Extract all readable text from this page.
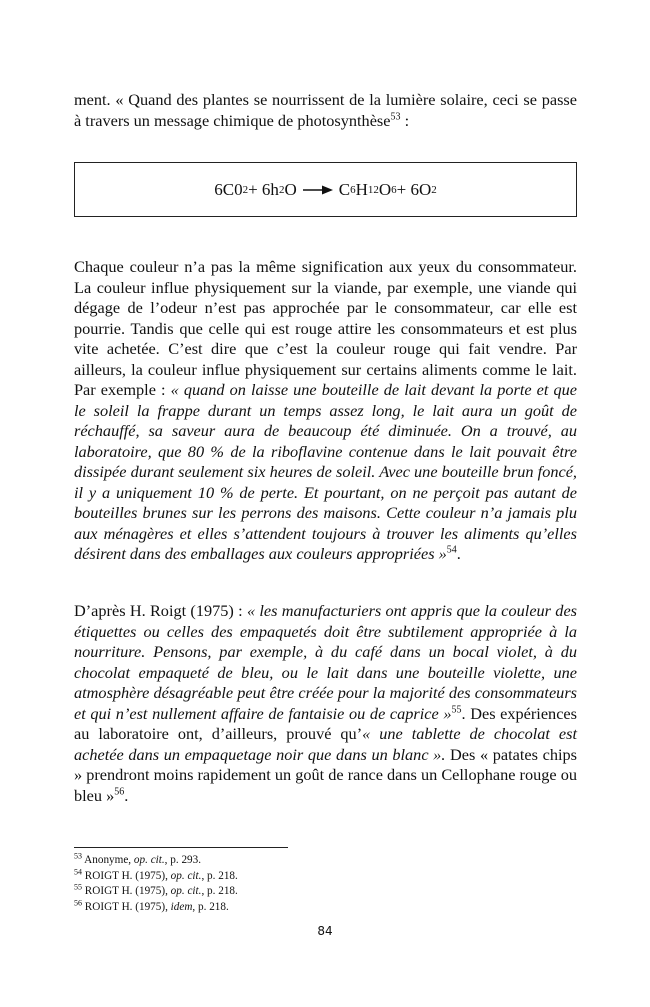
ment. « Quand des plantes se nourrissent de la lumière solaire, ceci se passe à travers un message chimique de photosynthèse$^{53}$ :

6C0 2 + 6h 2 O → C 6 H 12 O 6 + 6O 2

Chaque couleur n’a pas la même signification aux yeux du consommateur. La couleur influe physiquement sur la viande, par exemple, une viande qui dégage de l’odeur n’est pas approchée par le consommateur, car elle est pourrie. Tandis que celle qui est rouge attire les consommateurs et est plus vite achetée. C’est dire que c’est la couleur rouge qui fait vendre. Par ailleurs, la couleur influe physiquement sur certains aliments comme le lait. Par exemple : « quand on laisse une bouteille de lait devant la porte et que le soleil la frappe durant un temps assez long, le lait aura un goût de réchauffé, sa saveur aura de beaucoup été diminuée. On a trouvé, au laboratoire, que 80 % de la riboflavine contenue dans le lait pouvait être dissipée durant seulement six heures de soleil. Avec une bouteille brun foncé, il y a uniquement 10 % de perte. Et pourtant, on ne perçoit pas autant de bouteilles brunes sur les perrons des maisons. Cette couleur n’a jamais plu aux ménagères et elles s’attendent toujours à trouver les aliments qu’elles désirent dans des emballages aux couleurs appropriées »$^{54}$.

D’après H. Roigt (1975) : « les manufacturiers ont appris que la couleur des étiquettes ou celles des empaquetés doit être subtilement appropriée à la nourriture. Pensons, par exemple, à du café dans un bocal violet, à du chocolat empaqueté de bleu, ou le lait dans une bouteille violette, une atmosphère désagréable peut être créée pour la majorité des consommateurs et qui n’est nullement affaire de fantaisie ou de caprice »$^{55}$. Des expériences au laboratoire ont, d’ailleurs, prouvé qu’« une tablette de chocolat est achetée dans un empaquetage noir que dans un blanc ». Des « patates chips » prendront moins rapidement un goût de rance dans un Cellophane rouge ou bleu »$^{56}$.

$^{53}$ Anonyme, op. cit., p. 293.
$^{54}$ ROIGT H. (1975), op. cit., p. 218.
$^{55}$ ROIGT H. (1975), op. cit., p. 218.
$^{56}$ ROIGT H. (1975), idem, p. 218.
84
